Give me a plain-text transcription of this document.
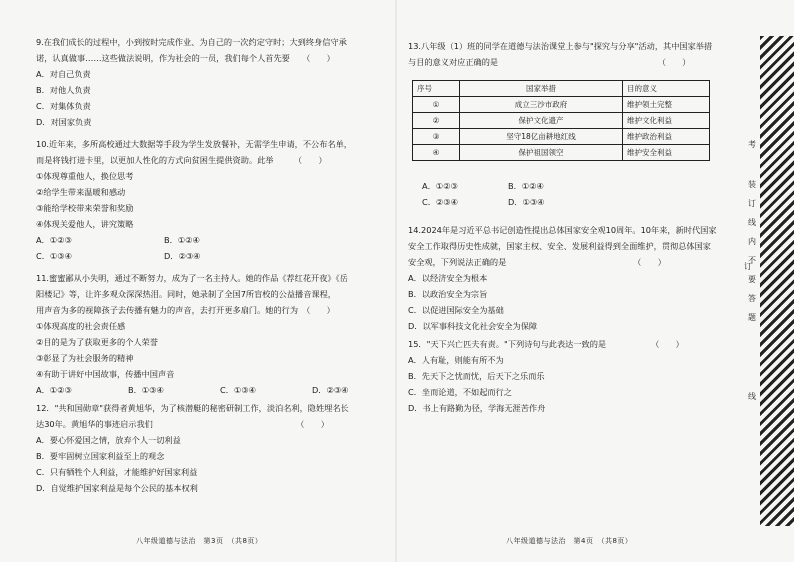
9.在我们成长的过程中，小到按时完成作业、为自己的一次约定守时；大到终身信守承

诺，认真做事……这些做法说明，作为社会的一员，我们每个人首先要　　（　　）

A．对自己负责

B．对他人负责

C．对集体负责

D．对国家负责

10.近年来，多所高校通过大数据等手段为学生发放餐补，无需学生申请，不公布名单，

而是将钱打进卡里，以更加人性化的方式向贫困生提供资助。此举　　　（　　）

①体现尊重他人，换位思考

②给学生带来温暖和感动

③能给学校带来荣誉和奖励

④体现关爱他人，讲究策略

A．①②③	B．①②④

C．①③④	D．②③④

11.蜜蜜鄙从小失明，通过不断努力，成为了一名主持人。她的作品《荐红花开夜》《岳

阳楼记》等，让许多观众深深热泪。同时，她录制了全国7所盲校的公益播音课程，

用声音为多的视障孩子去传播有魅力的声音，去打开更多扇门。她的行为　（　　）

①体现高度的社会责任感

②目的是为了获取更多的个人荣誉

③彰显了为社会服务的精神

④有助于讲好中国故事，传播中国声音

A．①②③	B．①③④	C．①③④	D．②③④

12．"共和国勋章"获得者黄旭华，为了核潜艇的秘密研制工作，淡泊名利，隐姓埋名长

达30年。黄旭华的事迹启示我们　　　　　　　　　　　　　　　　　　（　　）

A．要心怀爱国之情，放弃个人一切利益

B．要牢固树立国家利益至上的观念

C．只有牺牲个人利益，才能维护好国家利益

D．自觉维护国家利益是每个公民的基本权利

八年级道德与法治　第3页　（共8页）

13.八年级（1）班的同学在道德与法治课堂上参与"探究与分享"活动，其中国家举措

与目的意义对应正确的是　　　　　　　　　　　　　　　　　　　　（　　）

序号	国家举措	目的意义
①	成立三沙市政府	维护领土完整
②	保护文化遗产	维护文化利益
③	坚守18亿亩耕地红线	维护政治利益
④	保护祖国领空	维护安全利益

A．①②③	B．①②④

C．②③④	D．①③④

14.2024年是习近平总书记创造性提出总体国家安全观10周年。10年来，新时代国家

安全工作取得历史性成就，国家主权、安全、发展利益得到全面维护，贯彻总体国家

安全观，下列说法正确的是　　　　　　　　　　　　　　　　（　　）

A．以经济安全为根本

B．以政治安全为宗旨

C．以促进国际安全为基础

D．以军事科技文化社会安全为保障

15．"天下兴亡匹夫有责。"下列诗句与此表达一致的是　　　　　　（　　）

A．人有耻，则能有所不为

B．先天下之忧而忧，后天下之乐而乐

C．坐而论道，不如起而行之

D．书上有路勤为径，学海无涯苦作舟

八年级道德与法治　第4页　（共8页）
考
装
订
线
内
不
要
答
题
订
线
